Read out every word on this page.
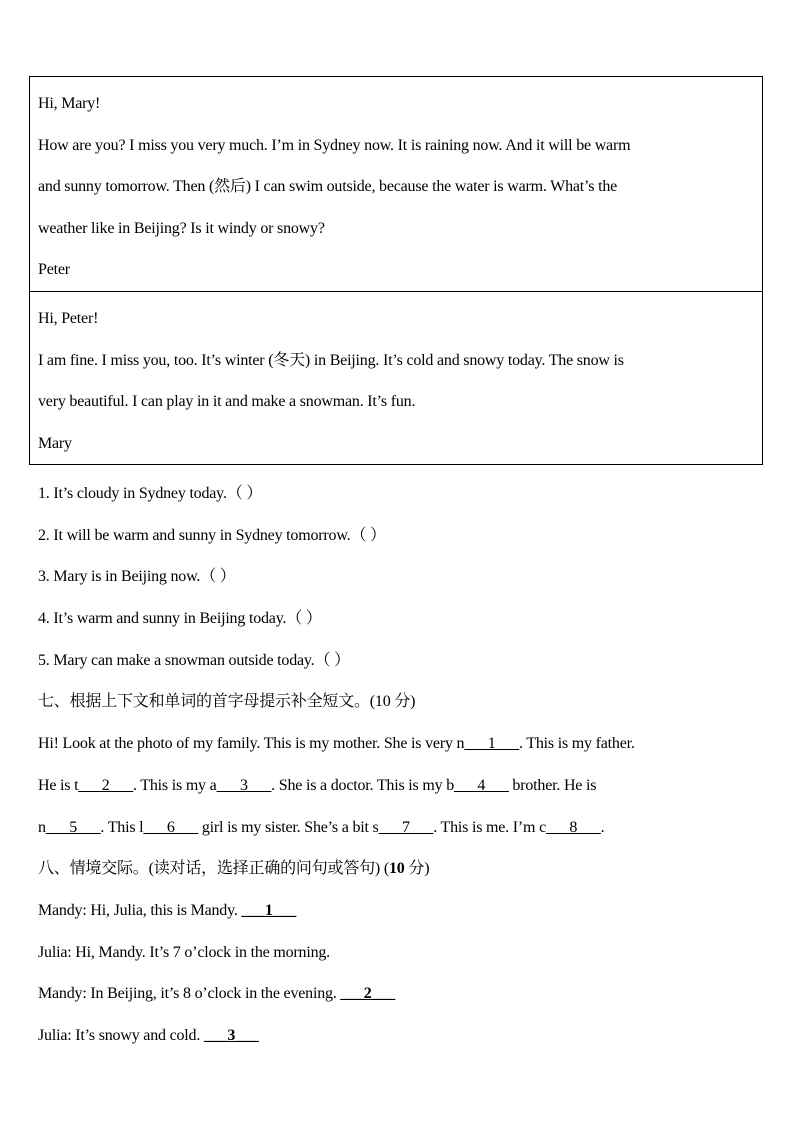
Hi, Mary!

How are you? I miss you very much. I’m in Sydney now. It is raining now. And it will be warm

and sunny tomorrow. Then (然后) I can swim outside, because the water is warm. What’s the

weather like in Beijing? Is it windy or snowy?

Peter

Hi, Peter!

I am fine. I miss you, too. It’s winter (冬天) in Beijing. It’s cold and snowy today. The snow is

very beautiful. I can play in it and make a snowman. It’s fun.

Mary

1. It’s cloudy in Sydney today.（ ）

2. It will be warm and sunny in Sydney tomorrow.（ ）

3. Mary is in Beijing now.（ ）

4. It’s warm and sunny in Beijing today.（ ）

5. Mary can make a snowman outside today.（ ）

七、根据上下文和单词的首字母提示补全短文。(10 分)

Hi! Look at the photo of my family. This is my mother. She is very n___1___. This is my father.

He is t___2___. This is my a___3___. She is a doctor. This is my b___4___ brother. He is

n___5___. This l___6___ girl is my sister. She’s a bit s___7___. This is me. I’m c___8___.

八、情境交际。(读对话，选择正确的问句或答句) (10 分)

Mandy: Hi, Julia, this is Mandy. ___1___

Julia: Hi, Mandy. It’s 7 o’clock in the morning.

Mandy: In Beijing, it’s 8 o’clock in the evening. ___2___

Julia: It’s snowy and cold. ___3___
